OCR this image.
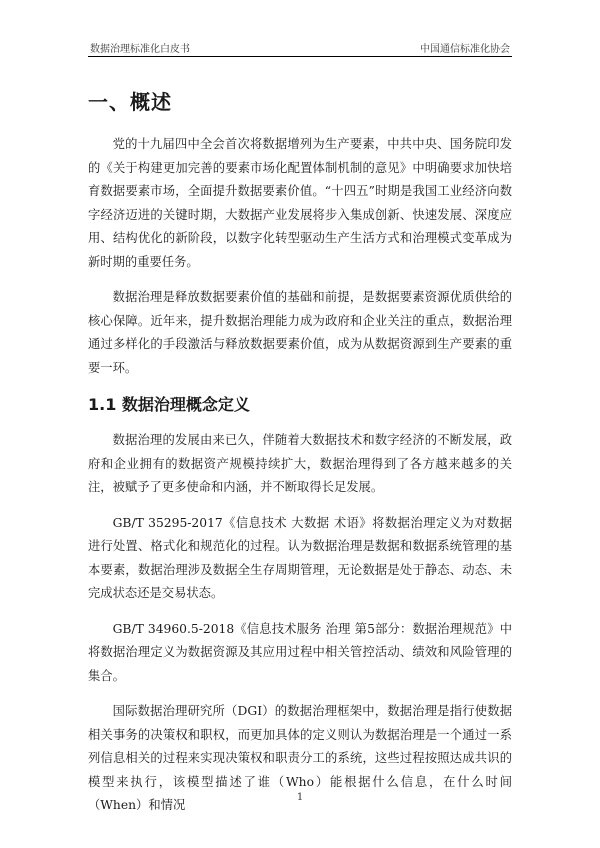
数据治理标准化白皮书	中国通信标准化协会
一、概述

党的十九届四中全会首次将数据增列为生产要素，中共中央、国务院印发的《关于构建更加完善的要素市场化配置体制机制的意见》中明确要求加快培育数据要素市场，全面提升数据要素价值。“十四五”时期是我国工业经济向数字经济迈进的关键时期，大数据产业发展将步入集成创新、快速发展、深度应用、结构优化的新阶段，以数字化转型驱动生产生活方式和治理模式变革成为新时期的重要任务。

数据治理是释放数据要素价值的基础和前提，是数据要素资源优质供给的核心保障。近年来，提升数据治理能力成为政府和企业关注的重点，数据治理通过多样化的手段激活与释放数据要素价值，成为从数据资源到生产要素的重要一环。

1.1 数据治理概念定义

数据治理的发展由来已久，伴随着大数据技术和数字经济的不断发展，政府和企业拥有的数据资产规模持续扩大，数据治理得到了各方越来越多的关注，被赋予了更多使命和内涵，并不断取得长足发展。

GB/T 35295-2017《信息技术 大数据 术语》将数据治理定义为对数据进行处置、格式化和规范化的过程。认为数据治理是数据和数据系统管理的基本要素，数据治理涉及数据全生存周期管理，无论数据是处于静态、动态、未完成状态还是交易状态。

GB/T 34960.5-2018《信息技术服务 治理 第5部分：数据治理规范》中将数据治理定义为数据资源及其应用过程中相关管控活动、绩效和风险管理的集合。

国际数据治理研究所（DGI）的数据治理框架中，数据治理是指行使数据相关事务的决策权和职权，而更加具体的定义则认为数据治理是一个通过一系列信息相关的过程来实现决策权和职责分工的系统，这些过程按照达成共识的模型来执行，该模型描述了谁（Who）能根据什么信息，在什么时间（When）和情况

1
